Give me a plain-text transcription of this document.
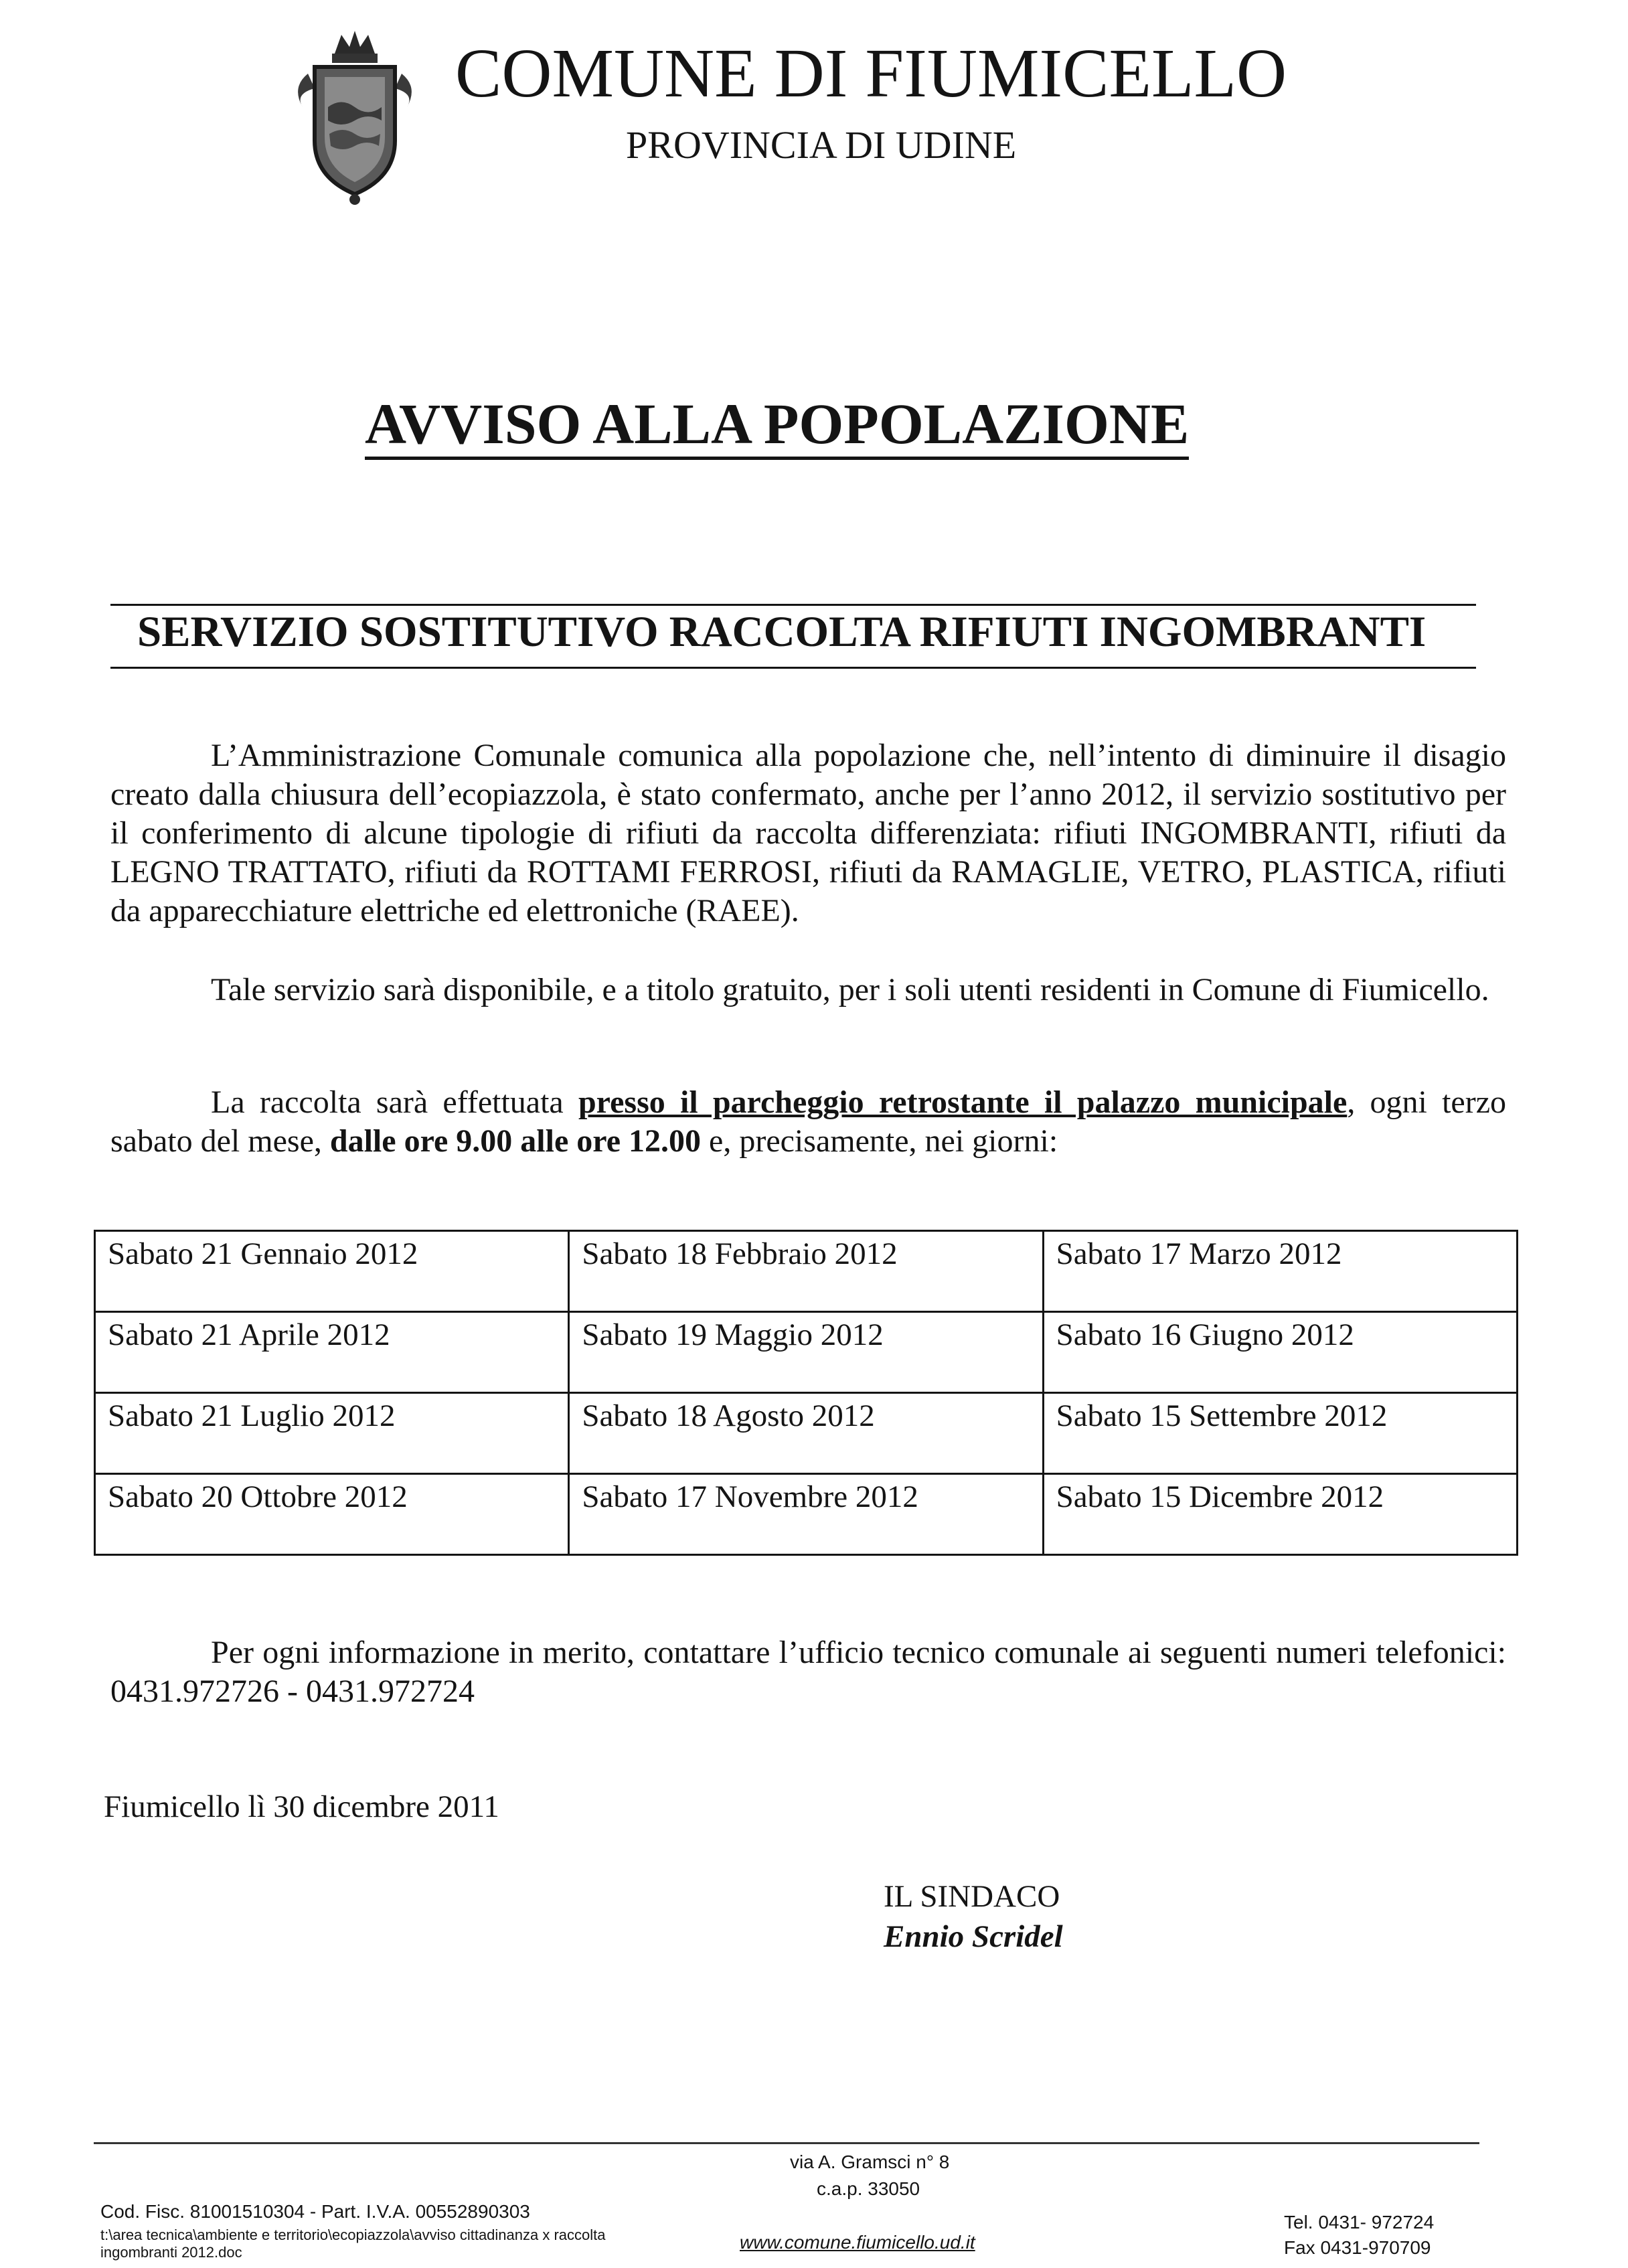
COMUNE DI FIUMICELLO
PROVINCIA DI UDINE
AVVISO ALLA POPOLAZIONE
SERVIZIO SOSTITUTIVO RACCOLTA RIFIUTI INGOMBRANTI
L’Amministrazione Comunale comunica alla popolazione che, nell’intento di diminuire il disagio creato dalla chiusura dell’ecopiazzola, è stato confermato, anche per l’anno 2012, il servizio sostitutivo per il conferimento di alcune tipologie di rifiuti da raccolta differenziata: rifiuti INGOMBRANTI, rifiuti da LEGNO TRATTATO, rifiuti da ROTTAMI FERROSI, rifiuti da RAMAGLIE, VETRO, PLASTICA, rifiuti da apparecchiature elettriche ed elettroniche (RAEE).
Tale servizio sarà disponibile, e a titolo gratuito, per i soli utenti residenti in Comune di Fiumicello.
La raccolta sarà effettuata presso il parcheggio retrostante il palazzo municipale, ogni terzo sabato del mese, dalle ore 9.00 alle ore 12.00 e, precisamente, nei giorni:
Sabato 21 Gennaio 2012	Sabato 18 Febbraio 2012	Sabato 17 Marzo 2012
Sabato 21 Aprile 2012	Sabato 19 Maggio 2012	Sabato 16 Giugno 2012
Sabato 21 Luglio 2012	Sabato 18 Agosto 2012	Sabato 15 Settembre 2012
Sabato 20 Ottobre 2012	Sabato 17 Novembre 2012	Sabato 15 Dicembre 2012
Per ogni informazione in merito, contattare l’ufficio tecnico comunale ai seguenti numeri telefonici: 0431.972726 - 0431.972724
Fiumicello lì 30 dicembre 2011
IL SINDACO
Ennio Scridel
via A. Gramsci n° 8
c.a.p. 33050
Cod. Fisc. 81001510304 - Part. I.V.A. 00552890303
t:\area tecnica\ambiente e territorio\ecopiazzola\avviso cittadinanza x raccolta ingombranti 2012.doc	www.comune.fiumicello.ud.it
Tel. 0431- 972724
Fax 0431-970709
